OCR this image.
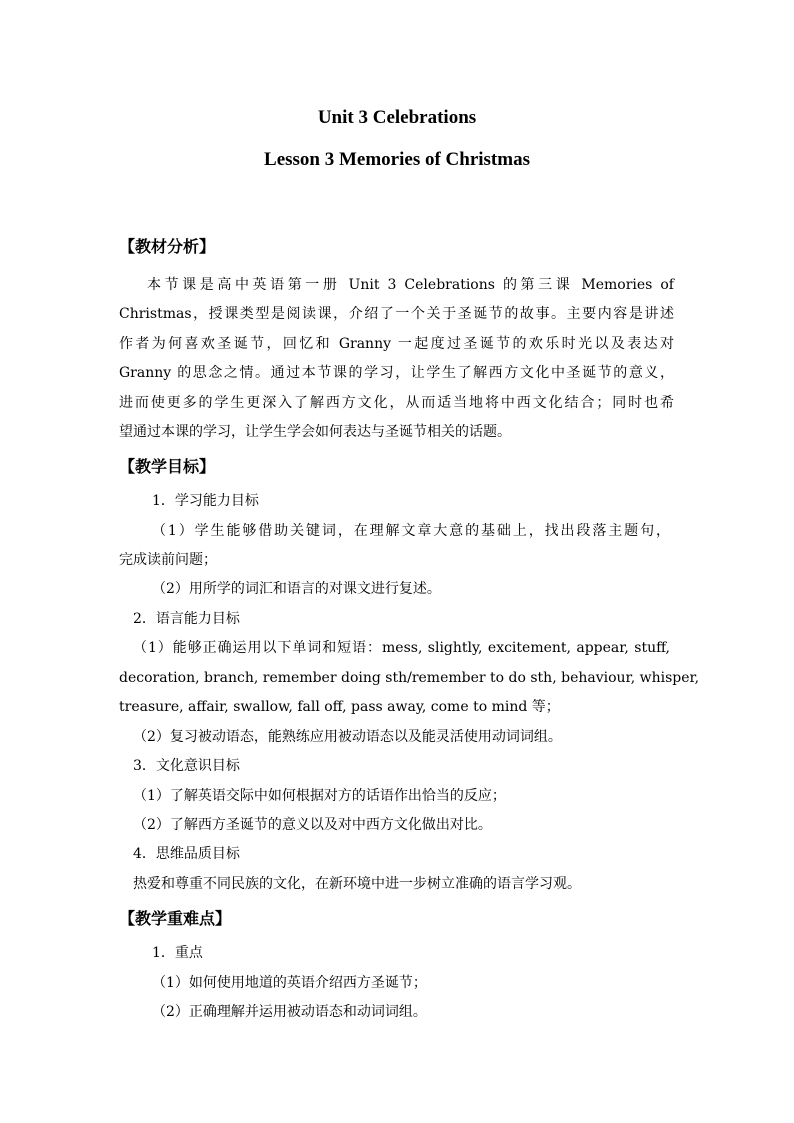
Unit 3 Celebrations
Lesson 3 Memories of Christmas
【教材分析】
本节课是高中英语第一册 Unit 3 Celebrations 的第三课 Memories of
Christmas，授课类型是阅读课，介绍了一个关于圣诞节的故事。主要内容是讲述
作者为何喜欢圣诞节，回忆和 Granny 一起度过圣诞节的欢乐时光以及表达对
Granny 的思念之情。通过本节课的学习，让学生了解西方文化中圣诞节的意义，
进而使更多的学生更深入了解西方文化，从而适当地将中西文化结合；同时也希
望通过本课的学习，让学生学会如何表达与圣诞节相关的话题。
【教学目标】
1．学习能力目标
（1）学生能够借助关键词，在理解文章大意的基础上，找出段落主题句，
完成读前问题；
（2）用所学的词汇和语言的对课文进行复述。
2．语言能力目标
（1）能够正确运用以下单词和短语：mess, slightly, excitement, appear, stuff,
decoration, branch, remember doing sth/remember to do sth, behaviour, whisper,
treasure, affair, swallow, fall off, pass away, come to mind 等；
（2）复习被动语态，能熟练应用被动语态以及能灵活使用动词词组。
3．文化意识目标
（1）了解英语交际中如何根据对方的话语作出恰当的反应；
（2）了解西方圣诞节的意义以及对中西方文化做出对比。
4．思维品质目标
热爱和尊重不同民族的文化，在新环境中进一步树立准确的语言学习观。
【教学重难点】
1．重点
（1）如何使用地道的英语介绍西方圣诞节；
（2）正确理解并运用被动语态和动词词组。
